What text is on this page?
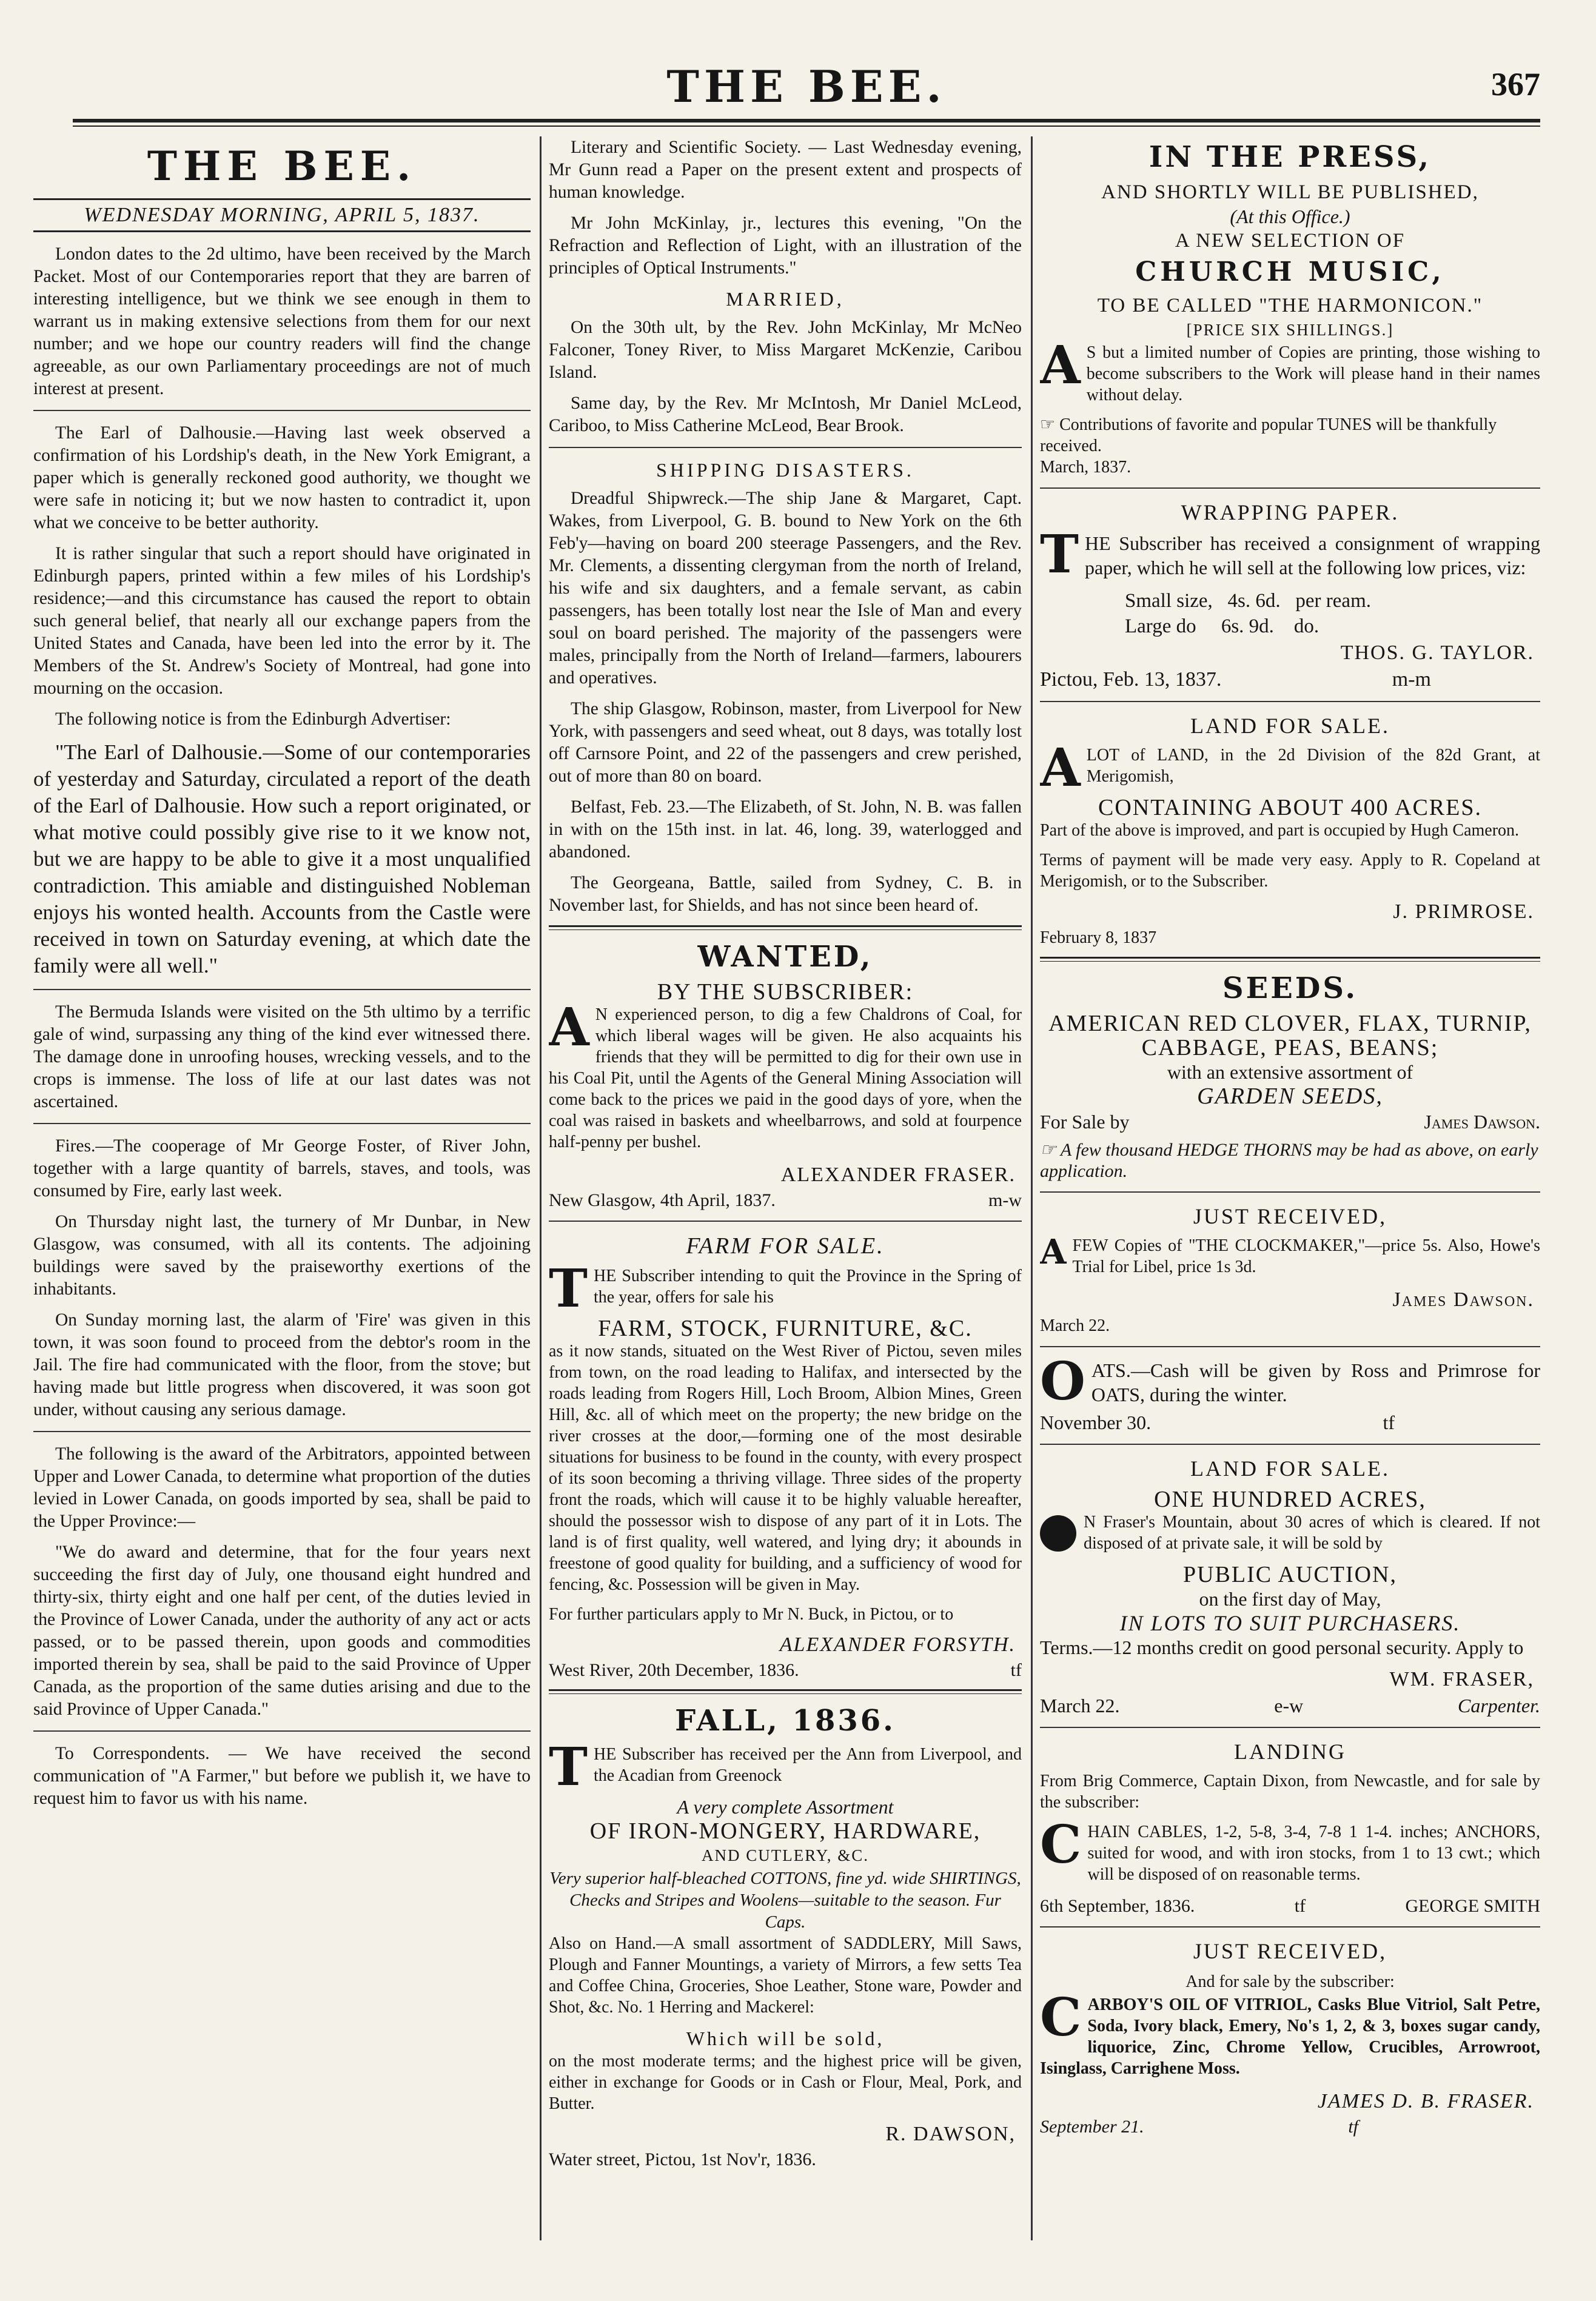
THE BEE.	367
THE BEE.
WEDNESDAY MORNING, APRIL 5, 1837.

London dates to the 2d ultimo, have been received by the March Packet. Most of our Contemporaries report that they are barren of interesting intelligence, but we think we see enough in them to warrant us in making extensive selections from them for our next number; and we hope our country readers will find the change agreeable, as our own Parliamentary proceedings are not of much interest at present.

The Earl of Dalhousie.—Having last week observed a confirmation of his Lordship's death, in the New York Emigrant, a paper which is generally reckoned good authority, we thought we were safe in noticing it; but we now hasten to contradict it, upon what we conceive to be better authority.

It is rather singular that such a report should have originated in Edinburgh papers, printed within a few miles of his Lordship's residence;—and this circumstance has caused the report to obtain such general belief, that nearly all our exchange papers from the United States and Canada, have been led into the error by it. The Members of the St. Andrew's Society of Montreal, had gone into mourning on the occasion.

The following notice is from the Edinburgh Advertiser:

"The Earl of Dalhousie.—Some of our contemporaries of yesterday and Saturday, circulated a report of the death of the Earl of Dalhousie. How such a report originated, or what motive could possibly give rise to it we know not, but we are happy to be able to give it a most unqualified contradiction. This amiable and distinguished Nobleman enjoys his wonted health. Accounts from the Castle were received in town on Saturday evening, at which date the family were all well."

The Bermuda Islands were visited on the 5th ultimo by a terrific gale of wind, surpassing any thing of the kind ever witnessed there. The damage done in unroofing houses, wrecking vessels, and to the crops is immense. The loss of life at our last dates was not ascertained.

Fires.—The cooperage of Mr George Foster, of River John, together with a large quantity of barrels, staves, and tools, was consumed by Fire, early last week.

On Thursday night last, the turnery of Mr Dunbar, in New Glasgow, was consumed, with all its contents. The adjoining buildings were saved by the praiseworthy exertions of the inhabitants.

On Sunday morning last, the alarm of 'Fire' was given in this town, it was soon found to proceed from the debtor's room in the Jail. The fire had communicated with the floor, from the stove; but having made but little progress when discovered, it was soon got under, without causing any serious damage.

The following is the award of the Arbitrators, appointed between Upper and Lower Canada, to determine what proportion of the duties levied in Lower Canada, on goods imported by sea, shall be paid to the Upper Province:—

"We do award and determine, that for the four years next succeeding the first day of July, one thousand eight hundred and thirty-six, thirty eight and one half per cent, of the duties levied in the Province of Lower Canada, under the authority of any act or acts passed, or to be passed therein, upon goods and commodities imported therein by sea, shall be paid to the said Province of Upper Canada, as the proportion of the same duties arising and due to the said Province of Upper Canada."

To Correspondents. — We have received the second communication of "A Farmer," but before we publish it, we have to request him to favor us with his name.

Literary and Scientific Society. — Last Wednesday evening, Mr Gunn read a Paper on the present extent and prospects of human knowledge.

Mr John McKinlay, jr., lectures this evening, "On the Refraction and Reflection of Light, with an illustration of the principles of Optical Instruments."

MARRIED,

On the 30th ult, by the Rev. John McKinlay, Mr McNeo Falconer, Toney River, to Miss Margaret McKenzie, Caribou Island.

Same day, by the Rev. Mr McIntosh, Mr Daniel McLeod, Cariboo, to Miss Catherine McLeod, Bear Brook.

SHIPPING DISASTERS.

Dreadful Shipwreck.—The ship Jane & Margaret, Capt. Wakes, from Liverpool, G. B. bound to New York on the 6th Feb'y—having on board 200 steerage Passengers, and the Rev. Mr. Clements, a dissenting clergyman from the north of Ireland, his wife and six daughters, and a female servant, as cabin passengers, has been totally lost near the Isle of Man and every soul on board perished. The majority of the passengers were males, principally from the North of Ireland—farmers, labourers and operatives.

The ship Glasgow, Robinson, master, from Liverpool for New York, with passengers and seed wheat, out 8 days, was totally lost off Carnsore Point, and 22 of the passengers and crew perished, out of more than 80 on board.

Belfast, Feb. 23.—The Elizabeth, of St. John, N. B. was fallen in with on the 15th inst. in lat. 46, long. 39, waterlogged and abandoned.

The Georgeana, Battle, sailed from Sydney, C. B. in November last, for Shields, and has not since been heard of.

WANTED,
BY THE SUBSCRIBER:
A N experienced person, to dig a few Chaldrons of Coal, for which liberal wages will be given. He also acquaints his friends that they will be permitted to dig for their own use in his Coal Pit, until the Agents of the General Mining Association will come back to the prices we paid in the good days of yore, when the coal was raised in baskets and wheelbarrows, and sold at fourpence half-penny per bushel.

ALEXANDER FRASER.
New Glasgow, 4th April, 1837.	m-w
FARM FOR SALE.
T HE Subscriber intending to quit the Province in the Spring of the year, offers for sale his

FARM, STOCK, FURNITURE, &C.

as it now stands, situated on the West River of Pictou, seven miles from town, on the road leading to Halifax, and intersected by the roads leading from Rogers Hill, Loch Broom, Albion Mines, Green Hill, &c. all of which meet on the property; the new bridge on the river crosses at the door,—forming one of the most desirable situations for business to be found in the county, with every prospect of its soon becoming a thriving village. Three sides of the property front the roads, which will cause it to be highly valuable hereafter, should the possessor wish to dispose of any part of it in Lots. The land is of first quality, well watered, and lying dry; it abounds in freestone of good quality for building, and a sufficiency of wood for fencing, &c. Possession will be given in May.

For further particulars apply to Mr N. Buck, in Pictou, or to

ALEXANDER FORSYTH.
West River, 20th December, 1836.	tf
FALL, 1836.
T HE Subscriber has received per the Ann from Liverpool, and the Acadian from Greenock

A very complete Assortment
OF IRON-MONGERY, HARDWARE,
AND CUTLERY, &C.
Very superior half-bleached COTTONS, fine yd. wide SHIRTINGS, Checks and Stripes and Woolens—suitable to the season. Fur Caps.

Also on Hand.—A small assortment of SADDLERY, Mill Saws, Plough and Fanner Mountings, a variety of Mirrors, a few setts Tea and Coffee China, Groceries, Shoe Leather, Stone ware, Powder and Shot, &c. No. 1 Herring and Mackerel:

Which will be sold,

on the most moderate terms; and the highest price will be given, either in exchange for Goods or in Cash or Flour, Meal, Pork, and Butter.

R. DAWSON,
Water street, Pictou, 1st Nov'r, 1836.
IN THE PRESS,
AND SHORTLY WILL BE PUBLISHED,
(At this Office.)
A NEW SELECTION OF
CHURCH MUSIC,
TO BE CALLED "THE HARMONICON."
[PRICE SIX SHILLINGS.]
A S but a limited number of Copies are printing, those wishing to become subscribers to the Work will please hand in their names without delay.

☞ Contributions of favorite and popular TUNES will be thankfully received.
March, 1837.
WRAPPING PAPER.
T HE Subscriber has received a consignment of wrapping paper, which he will sell at the following low prices, viz:

Small size,   4s. 6d.   per ream.
Large do     6s. 9d.    do.
THOS. G. TAYLOR.
Pictou, Feb. 13, 1837.	m-m
LAND FOR SALE.
A LOT of LAND, in the 2d Division of the 82d Grant, at Merigomish,

CONTAINING ABOUT 400 ACRES.

Part of the above is improved, and part is occupied by Hugh Cameron.

Terms of payment will be made very easy. Apply to R. Copeland at Merigomish, or to the Subscriber.

J. PRIMROSE.
February 8, 1837
SEEDS.
AMERICAN RED CLOVER, FLAX, TURNIP, CABBAGE, PEAS, BEANS;
with an extensive assortment of
GARDEN SEEDS,
For Sale by	James Dawson.
☞ A few thousand HEDGE THORNS may be had as above, on early application.
JUST RECEIVED,
A FEW Copies of "THE CLOCKMAKER,"—price 5s. Also, Howe's Trial for Libel, price 1s 3d.

James Dawson.
March 22.
O ATS.—Cash will be given by Ross and Primrose for OATS, during the winter.

November 30.	tf
LAND FOR SALE.
ONE HUNDRED ACRES,

N Fraser's Mountain, about 30 acres of which is cleared. If not disposed of at private sale, it will be sold by

PUBLIC AUCTION,
on the first day of May,
IN LOTS TO SUIT PURCHASERS.

Terms.—12 months credit on good personal security. Apply to

WM. FRASER,
March 22.	e-w	Carpenter.
LANDING

From Brig Commerce, Captain Dixon, from Newcastle, and for sale by the subscriber:

C HAIN CABLES, 1-2, 5-8, 3-4, 7-8 1 1-4. inches; ANCHORS, suited for wood, and with iron stocks, from 1 to 13 cwt.; which will be disposed of on reasonable terms.

6th September, 1836.	tf	GEORGE SMITH
JUST RECEIVED,
And for sale by the subscriber:
C ARBOY'S OIL OF VITRIOL, Casks Blue Vitriol, Salt Petre, Soda, Ivory black, Emery, No's 1, 2, & 3, boxes sugar candy, liquorice, Zinc, Chrome Yellow, Crucibles, Arrowroot, Isinglass, Carrighene Moss.

JAMES D. B. FRASER.
September 21.	tf
